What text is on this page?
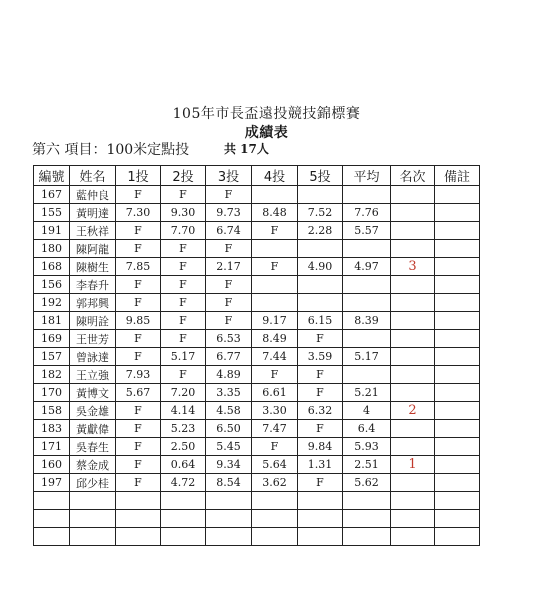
105年市長盃遠投競技錦標賽
成績表
第六 項目：100米定點投	共 17人
編號	姓名	1投	2投	3投	4投	5投	平均	名次	備註
167	藍仲良	F	F	F					
155	黃明達	7.30	9.30	9.73	8.48	7.52	7.76		
191	王秋祥	F	7.70	6.74	F	2.28	5.57		
180	陳阿龍	F	F	F					
168	陳樹生	7.85	F	2.17	F	4.90	4.97	3	
156	李春升	F	F	F					
192	郭邦興	F	F	F					
181	陳明詮	9.85	F	F	9.17	6.15	8.39		
169	王世芳	F	F	6.53	8.49	F			
157	曾詠達	F	5.17	6.77	7.44	3.59	5.17		
182	王立強	7.93	F	4.89	F	F			
170	黃博文	5.67	7.20	3.35	6.61	F	5.21		
158	吳金雄	F	4.14	4.58	3.30	6.32	4	2	
183	黃獻偉	F	5.23	6.50	7.47	F	6.4		
171	吳春生	F	2.50	5.45	F	9.84	5.93		
160	蔡金成	F	0.64	9.34	5.64	1.31	2.51	1	
197	邱少桂	F	4.72	8.54	3.62	F	5.62		
